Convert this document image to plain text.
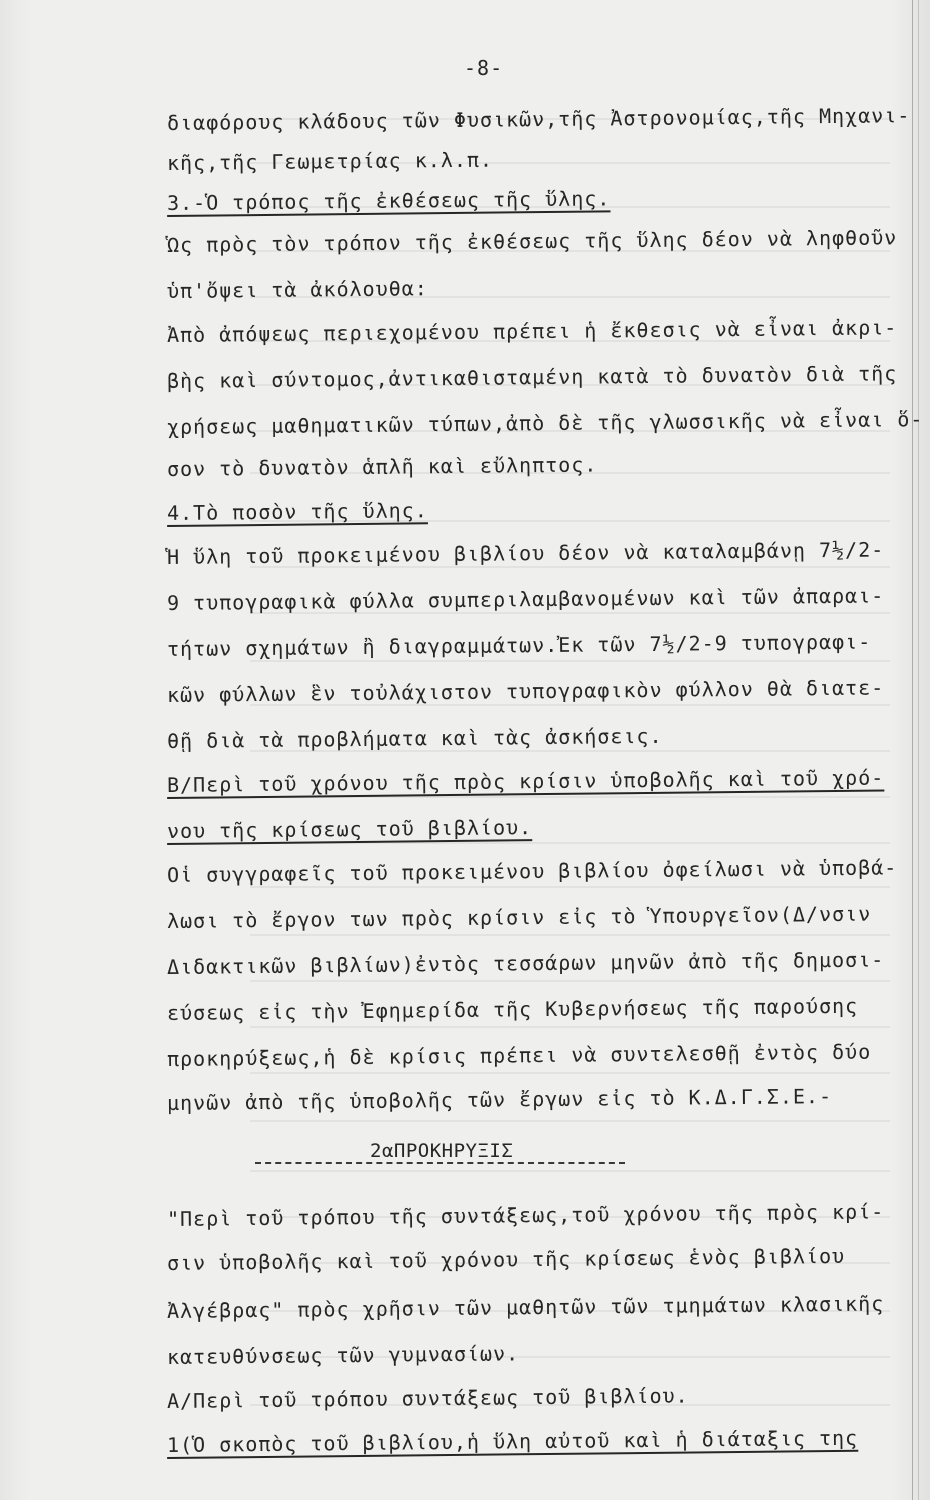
-8-
διαφόρους κλάδους τῶν Φυσικῶν,τῆς Ἀστρονομίας,τῆς Μηχανι-
κῆς,τῆς Γεωμετρίας κ.λ.π.
3.-Ὁ τρόπος τῆς ἐκθέσεως τῆς ὕλης.
Ὡς πρὸς τὸν τρόπον τῆς ἐκθέσεως τῆς ὕλης δέον νὰ ληφθοῦν
ὑπ'ὄψει τὰ ἀκόλουθα:
Ἀπὸ ἀπόψεως περιεχομένου πρέπει ἡ ἔκθεσις νὰ εἶναι ἀκρι-
βὴς καὶ σύντομος,ἀντικαθισταμένη κατὰ τὸ δυνατὸν διὰ τῆς
χρήσεως μαθηματικῶν τύπων,ἀπὸ δὲ τῆς γλωσσικῆς νὰ εἶναι ὅ-
σον τὸ δυνατὸν ἁπλῆ καὶ εὔληπτος.
4.Τὸ ποσὸν τῆς ὕλης.
Ἡ ὕλη τοῦ προκειμένου βιβλίου δέον νὰ καταλαμβάνῃ 7½/2-
9 τυπογραφικὰ φύλλα συμπεριλαμβανομένων καὶ τῶν ἀπαραι-
τήτων σχημάτων ἢ διαγραμμάτων.Ἐκ τῶν 7½/2-9 τυπογραφι-
κῶν φύλλων ἓν τοὐλάχιστον τυπογραφικὸν φύλλον θὰ διατε-
θῇ διὰ τὰ προβλήματα καὶ τὰς ἀσκήσεις.
Β/Περὶ τοῦ χρόνου τῆς πρὸς κρίσιν ὑποβολῆς καὶ τοῦ χρό-
νου τῆς κρίσεως τοῦ βιβλίου.
Οἱ συγγραφεῖς τοῦ προκειμένου βιβλίου ὀφείλωσι νὰ ὑποβά-
λωσι τὸ ἔργον των πρὸς κρίσιν εἰς τὸ Ὑπουργεῖον(Δ/νσιν
Διδακτικῶν βιβλίων)ἐντὸς τεσσάρων μηνῶν ἀπὸ τῆς δημοσι-
εύσεως εἰς τὴν Ἐφημερίδα τῆς Κυβερνήσεως τῆς παρούσης
προκηρύξεως,ἡ δὲ κρίσις πρέπει νὰ συντελεσθῇ ἐντὸς δύο
μηνῶν ἀπὸ τῆς ὑποβολῆς τῶν ἔργων εἰς τὸ Κ.Δ.Γ.Σ.Ε.-
2αΠΡΟΚΗΡΥΞΙΣ
"Περὶ τοῦ τρόπου τῆς συντάξεως,τοῦ χρόνου τῆς πρὸς κρί-
σιν ὑποβολῆς καὶ τοῦ χρόνου τῆς κρίσεως ἑνὸς βιβλίου
Ἀλγέβρας" πρὸς χρῆσιν τῶν μαθητῶν τῶν τμημάτων κλασικῆς
κατευθύνσεως τῶν γυμνασίων.
Α/Περὶ τοῦ τρόπου συντάξεως τοῦ βιβλίου.
1(Ὁ σκοπὸς τοῦ βιβλίου,ἡ ὕλη αὐτοῦ καὶ ἡ διάταξις της
